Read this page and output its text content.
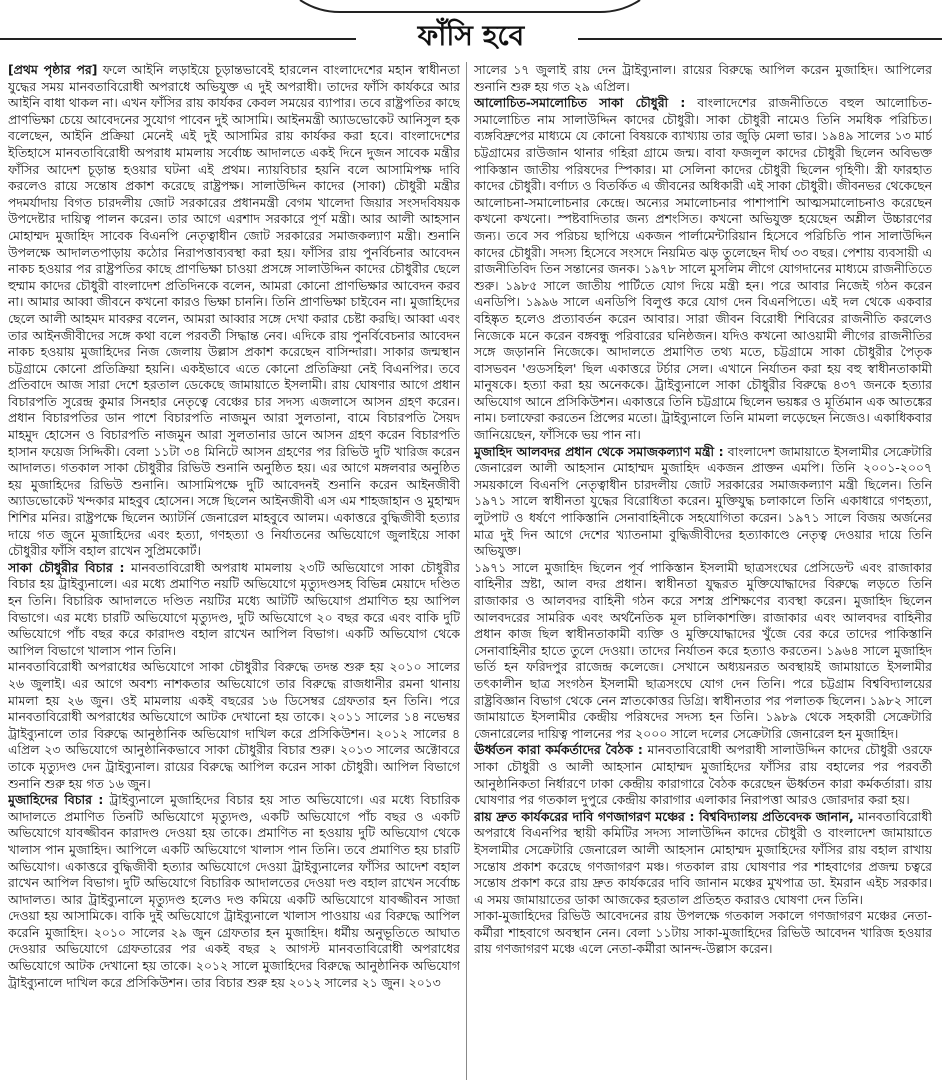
ফাঁসি হবে

[প্রথম পৃষ্ঠার পর] ফলে আইনি লড়াইয়ে চূড়ান্তভাবেই হারলেন বাংলাদেশের মহান স্বাধীনতা যুদ্ধের সময় মানবতাবিরোধী অপরাধে অভিযুক্ত এ দুই অপরাধী। তাদের ফাঁসি কার্যকরে আর আইনি বাধা থাকল না। এখন ফাঁসির রায় কার্যকর কেবল সময়ের ব্যাপার। তবে রাষ্ট্রপতির কাছে প্রাণভিক্ষা চেয়ে আবেদনের সুযোগ পাবেন দুই আসামি। আইনমন্ত্রী অ্যাডভোকেট আনিসুল হক বলেছেন, আইনি প্রক্রিয়া মেনেই এই দুই আসামির রায় কার্যকর করা হবে। বাংলাদেশের ইতিহাসে মানবতাবিরোধী অপরাধ মামলায় সর্বোচ্চ আদালতে একই দিনে দুজন সাবেক মন্ত্রীর ফাঁসির আদেশ চূড়ান্ত হওয়ার ঘটনা এই প্রথম। ন্যায়বিচার হয়নি বলে আসামিপক্ষ দাবি করলেও রায়ে সন্তোষ প্রকাশ করেছে রাষ্ট্রপক্ষ। সালাউদ্দিন কাদের (সাকা) চৌধুরী মন্ত্রীর পদমর্যাদায় বিগত চারদলীয় জোট সরকারের প্রধানমন্ত্রী বেগম খালেদা জিয়ার সংসদবিষয়ক উপদেষ্টার দায়িত্ব পালন করেন। তার আগে এরশাদ সরকারে পূর্ণ মন্ত্রী। আর আলী আহসান মোহাম্মদ মুজাহিদ সাবেক বিএনপি নেতৃত্বাধীন জোট সরকারের সমাজকল্যাণ মন্ত্রী। শুনানি উপলক্ষে আদালতপাড়ায় কঠোর নিরাপত্তাব্যবস্থা করা হয়। ফাঁসির রায় পুনর্বিচনার আবেদন নাকচ হওয়ার পর রাষ্ট্রপতির কাছে প্রাণভিক্ষা চাওয়া প্রসঙ্গে সালাউদ্দিন কাদের চৌধুরীর ছেলে হুম্মাম কাদের চৌধুরী বাংলাদেশ প্রতিদিনকে বলেন, আমরা কোনো প্রাণভিক্ষার আবেদন করব না। আমার আব্বা জীবনে কখনো কারও ভিক্ষা চাননি। তিনি প্রাণভিক্ষা চাইবেন না। মুজাহিদের ছেলে আলী আহমদ মাবরুর বলেন, আমরা আব্বার সঙ্গে দেখা করার চেষ্টা করছি। আব্বা এবং তার আইনজীবীদের সঙ্গে কথা বলে পরবর্তী সিদ্ধান্ত নেব। এদিকে রায় পুনর্বিবেচনার আবেদন নাকচ হওয়ায় মুজাহিদের নিজ জেলায় উল্লাস প্রকাশ করেছেন বাসিন্দারা। সাকার জন্মস্থান চট্টগ্রামে কোনো প্রতিক্রিয়া হয়নি। একইভাবে এতে কোনো প্রতিক্রিয়া নেই বিএনপির। তবে প্রতিবাদে আজ সারা দেশে হরতাল ডেকেছে জামায়াতে ইসলামী। রায় ঘোষণার আগে প্রধান বিচারপতি সুরেন্দ্র কুমার সিনহার নেতৃত্বে বেঞ্চের চার সদস্য এজলাসে আসন গ্রহণ করেন। প্রধান বিচারপতির ডান পাশে বিচারপতি নাজমুন আরা সুলতানা, বামে বিচারপতি সৈয়দ মাহমুদ হোসেন ও বিচারপতি নাজমুন আরা সুলতানার ডানে আসন গ্রহণ করেন বিচারপতি হাসান ফয়েজ সিদ্দিকী। বেলা ১১টা ৩৪ মিনিটে আসন গ্রহণের পর রিভিউ দুটি খারিজ করেন আদালত। গতকাল সাকা চৌধুরীর রিভিউ শুনানি অনুষ্ঠিত হয়। এর আগে মঙ্গলবার অনুষ্ঠিত হয় মুজাহিদের রিভিউ শুনানি। আসামিপক্ষে দুটি আবেদনই শুনানি করেন আইনজীবী অ্যাডভোকেট খন্দকার মাহবুব হোসেন। সঙ্গে ছিলেন আইনজীবী এস এম শাহজাহান ও মুহাম্মদ শিশির মনির। রাষ্ট্রপক্ষে ছিলেন অ্যাটর্নি জেনারেল মাহবুবে আলম। একাত্তরে বুদ্ধিজীবী হত্যার দায়ে গত জুনে মুজাহিদের এবং হত্যা, গণহত্যা ও নির্যাতনের অভিযোগে জুলাইয়ে সাকা চৌধুরীর ফাঁসি বহাল রাখেন সুপ্রিমকোর্ট।

সাকা চৌধুরীর বিচার : মানবতাবিরোধী অপরাধ মামলায় ২৩টি অভিযোগে সাকা চৌধুরীর বিচার হয় ট্রাইব্যুনালে। এর মধ্যে প্রমাণিত নয়টি অভিযোগে মৃত্যুদণ্ডসহ বিভিন্ন মেয়াদে দণ্ডিত হন তিনি। বিচারিক আদালতে দণ্ডিত নয়টির মধ্যে আটটি অভিযোগ প্রমাণিত হয় আপিল বিভাগে। এর মধ্যে চারটি অভিযোগে মৃত্যুদণ্ড, দুটি অভিযোগে ২০ বছর করে এবং বাকি দুটি অভিযোগে পাঁচ বছর করে কারাদণ্ড বহাল রাখেন আপিল বিভাগ। একটি অভিযোগ থেকে আপিল বিভাগে খালাস পান তিনি।

মানবতাবিরোধী অপরাধের অভিযোগে সাকা চৌধুরীর বিরুদ্ধে তদন্ত শুরু হয় ২০১০ সালের ২৬ জুলাই। এর আগে অবশ্য নাশকতার অভিযোগে তার বিরুদ্ধে রাজধানীর রমনা থানায় মামলা হয় ২৬ জুন। ওই মামলায় একই বছরের ১৬ ডিসেম্বর গ্রেফতার হন তিনি। পরে মানবতাবিরোধী অপরাধের অভিযোগে আটক দেখানো হয় তাকে। ২০১১ সালের ১৪ নভেম্বর ট্রাইব্যুনালে তার বিরুদ্ধে আনুষ্ঠানিক অভিযোগ দাখিল করে প্রসিকিউশন। ২০১২ সালের ৪ এপ্রিল ২৩ অভিযোগে আনুষ্ঠানিকভাবে সাকা চৌধুরীর বিচার শুরু। ২০১৩ সালের অক্টোবরে তাকে মৃত্যুদণ্ড দেন ট্রাইব্যুনাল। রায়ের বিরুদ্ধে আপিল করেন সাকা চৌধুরী। আপিল বিভাগে শুনানি শুরু হয় গত ১৬ জুন।

মুজাহিদের বিচার : ট্রাইব্যুনালে মুজাহিদের বিচার হয় সাত অভিযোগে। এর মধ্যে বিচারিক আদালতে প্রমাণিত তিনটি অভিযোগে মৃত্যুদণ্ড, একটি অভিযোগে পাঁচ বছর ও একটি অভিযোগে যাবজ্জীবন কারাদণ্ড দেওয়া হয় তাকে। প্রমাণিত না হওয়ায় দুটি অভিযোগ থেকে খালাস পান মুজাহিদ। আপিলে একটি অভিযোগে খালাস পান তিনি। তবে প্রমাণিত হয় চারটি অভিযোগ। একাত্তরে বুদ্ধিজীবী হত্যার অভিযোগে দেওয়া ট্রাইব্যুনালের ফাঁসির আদেশ বহাল রাখেন আপিল বিভাগ। দুটি অভিযোগে বিচারিক আদালতের দেওয়া দণ্ড বহাল রাখেন সর্বোচ্চ আদালত। আর ট্রাইব্যুনালে মৃত্যুদণ্ড হলেও দণ্ড কমিয়ে একটি অভিযোগে যাবজ্জীবন সাজা দেওয়া হয় আসামিকে। বাকি দুই অভিযোগে ট্রাইব্যুনালে খালাস পাওয়ায় এর বিরুদ্ধে আপিল করেনি মুজাহিদ। ২০১০ সালের ২৯ জুন গ্রেফতার হন মুজাহিদ। ধর্মীয় অনুভূতিতে আঘাত দেওয়ার অভিযোগে গ্রেফতারের পর একই বছর ২ আগস্ট মানবতাবিরোধী অপরাধের অভিযোগে আটক দেখানো হয় তাকে। ২০১২ সালে মুজাহিদের বিরুদ্ধে আনুষ্ঠানিক অভিযোগ ট্রাইব্যুনালে দাখিল করে প্রসিকিউশন। তার বিচার শুরু হয় ২০১২ সালের ২১ জুন। ২০১৩

সালের ১৭ জুলাই রায় দেন ট্রাইব্যুনাল। রায়ের বিরুদ্ধে আপিল করেন মুজাহিদ। আপিলের শুনানি শুরু হয় গত ২৯ এপ্রিল।

আলোচিত-সমালোচিত সাকা চৌধুরী : বাংলাদেশের রাজনীতিতে বহুল আলোচিত-সমালোচিত নাম সালাউদ্দিন কাদের চৌধুরী। সাকা চৌধুরী নামেও তিনি সমধিক পরিচিত। ব্যঙ্গবিদ্রুপের মাধ্যমে যে কোনো বিষয়কে ব্যাখ্যায় তার জুড়ি মেলা ভার। ১৯৪৯ সালের ১৩ মার্চ চট্টগ্রামের রাউজান থানার গহিরা গ্রামে জন্ম। বাবা ফজলুল কাদের চৌধুরী ছিলেন অবিভক্ত পাকিস্তান জাতীয় পরিষদের স্পিকার। মা সেলিনা কাদের চৌধুরী ছিলেন গৃহিণী। স্ত্রী ফারহাত কাদের চৌধুরী। বর্ণাঢ্য ও বিতর্কিত এ জীবনের অধিকারী এই সাকা চৌধুরী। জীবনভর থেকেছেন আলোচনা-সমালোচনার কেন্দ্রে। অন্যের সমালোচনার পাশাপাশি আত্মসমালোচনাও করেছেন কখনো কখনো। স্পষ্টবাদিতার জন্য প্রশংসিত। কখনো অভিযুক্ত হয়েছেন অশ্লীল উচ্চারণের জন্য। তবে সব পরিচয় ছাপিয়ে একজন পার্লামেন্টারিয়ান হিসেবে পরিচিতি পান সালাউদ্দিন কাদের চৌধুরী। সদস্য হিসেবে সংসদে নিয়মিত ঝড় তুলেছেন দীর্ঘ ৩৩ বছর। পেশায় ব্যবসায়ী এ রাজনীতিবিদ তিন সন্তানের জনক। ১৯৭৮ সালে মুসলিম লীগে যোগদানের মাধ্যমে রাজনীতিতে শুরু। ১৯৮৫ সালে জাতীয় পার্টিতে যোগ দিয়ে মন্ত্রী হন। পরে আবার নিজেই গঠন করেন এনডিপি। ১৯৯৬ সালে এনডিপি বিলুপ্ত করে যোগ দেন বিএনপিতে। এই দল থেকে একবার বহিষ্কৃত হলেও প্রত্যাবর্তন করেন আবার। সারা জীবন বিরোধী শিবিরের রাজনীতি করলেও নিজেকে মনে করেন বঙ্গবন্ধু পরিবারের ঘনিষ্ঠজন। যদিও কখনো আওয়ামী লীগের রাজনীতির সঙ্গে জড়াননি নিজেকে। আদালতে প্রমাণিত তথ্য মতে, চট্টগ্রামে সাকা চৌধুরীর পৈতৃক বাসভবন 'গুডসহিল' ছিল একাত্তরে টর্চার সেল। এখানে নির্যাতন করা হয় বহু স্বাধীনতাকামী মানুষকে। হত্যা করা হয় অনেককে। ট্রাইব্যুনালে সাকা চৌধুরীর বিরুদ্ধে ৪৩৭ জনকে হত্যার অভিযোগ আনে প্রসিকিউশন। একাত্তরে তিনি চট্টগ্রামে ছিলেন ভয়ঙ্কর ও মূর্তিমান এক আতঙ্কের নাম। চলাফেরা করতেন প্রিন্সের মতো। ট্রাইব্যুনালে তিনি মামলা লড়েছেন নিজেও। একাধিকবার জানিয়েছেন, ফাঁসিকে ভয় পান না।

মুজাহিদ আলবদর প্রধান থেকে সমাজকল্যাণ মন্ত্রী : বাংলাদেশ জামায়াতে ইসলামীর সেক্রেটারি জেনারেল আলী আহসান মোহাম্মদ মুজাহিদ একজন প্রাক্তন এমপি। তিনি ২০০১-২০০৭ সময়কালে বিএনপি নেতৃত্বাধীন চারদলীয় জোট সরকারের সমাজকল্যাণ মন্ত্রী ছিলেন। তিনি ১৯৭১ সালে স্বাধীনতা যুদ্ধের বিরোধিতা করেন। মুক্তিযুদ্ধ চলাকালে তিনি একাধারে গণহত্যা, লুটপাট ও ধর্ষণে পাকিস্তানি সেনাবাহিনীকে সহযোগিতা করেন। ১৯৭১ সালে বিজয় অর্জনের মাত্র দুই দিন আগে দেশের খ্যাতনামা বুদ্ধিজীবীদের হত্যাকাণ্ডে নেতৃত্ব দেওয়ার দায়ে তিনি অভিযুক্ত।

১৯৭১ সালে মুজাহিদ ছিলেন পূর্ব পাকিস্তান ইসলামী ছাত্রসংঘের প্রেসিডেন্ট এবং রাজাকার বাহিনীর স্রষ্টা, আল বদর প্রধান। স্বাধীনতা যুদ্ধরত মুক্তিযোদ্ধাদের বিরুদ্ধে লড়তে তিনি রাজাকার ও আলবদর বাহিনী গঠন করে সশস্ত্র প্রশিক্ষণের ব্যবস্থা করেন। মুজাহিদ ছিলেন আলবদরের সামরিক এবং অর্থনৈতিক মূল চালিকাশক্তি। রাজাকার এবং আলবদর বাহিনীর প্রধান কাজ ছিল স্বাধীনতাকামী ব্যক্তি ও মুক্তিযোদ্ধাদের খুঁজে বের করে তাদের পাকিস্তানি সেনাবাহিনীর হাতে তুলে দেওয়া। তাদের নির্যাতন করে হত্যাও করতেন। ১৯৬৪ সালে মুজাহিদ ভর্তি হন ফরিদপুর রাজেন্দ্র কলেজে। সেখানে অধ্যয়নরত অবস্থায়ই জামায়াতে ইসলামীর তৎকালীন ছাত্র সংগঠন ইসলামী ছাত্রসংঘে যোগ দেন তিনি। পরে চট্টগ্রাম বিশ্ববিদ্যালয়ের রাষ্ট্রবিজ্ঞান বিভাগ থেকে নেন স্নাতকোত্তর ডিগ্রি। স্বাধীনতার পর পলাতক ছিলেন। ১৯৮২ সালে জামায়াতে ইসলামীর কেন্দ্রীয় পরিষদের সদস্য হন তিনি। ১৯৮৯ থেকে সহকারী সেক্রেটারি জেনারেলের দায়িত্ব পালনের পর ২০০০ সালে দলের সেক্রেটারি জেনারেল হন মুজাহিদ।

ঊর্ধ্বতন কারা কর্মকর্তাদের বৈঠক : মানবতাবিরোধী অপরাধী সালাউদ্দিন কাদের চৌধুরী ওরফে সাকা চৌধুরী ও আলী আহসান মোহাম্মদ মুজাহিদের ফাঁসির রায় বহালের পর পরবর্তী আনুষ্ঠানিকতা নির্ধারণে ঢাকা কেন্দ্রীয় কারাগারে বৈঠক করেছেন ঊর্ধ্বতন কারা কর্মকর্তারা। রায় ঘোষণার পর গতকাল দুপুরে কেন্দ্রীয় কারাগার এলাকার নিরাপত্তা আরও জোরদার করা হয়।

রায় দ্রুত কার্যকরের দাবি গণজাগরণ মঞ্চের : বিশ্ববিদ্যালয় প্রতিবেদক জানান, মানবতাবিরোধী অপরাধে বিএনপির স্থায়ী কমিটির সদস্য সালাউদ্দিন কাদের চৌধুরী ও বাংলাদেশ জামায়াতে ইসলামীর সেক্রেটারি জেনারেল আলী আহসান মোহাম্মদ মুজাহিদের ফাঁসির রায় বহাল রাখায় সন্তোষ প্রকাশ করেছে গণজাগরণ মঞ্চ। গতকাল রায় ঘোষণার পর শাহবাগের প্রজন্ম চত্বরে সন্তোষ প্রকাশ করে রায় দ্রুত কার্যকরের দাবি জানান মঞ্চের মুখপাত্র ডা. ইমরান এইচ সরকার। এ সময় জামায়াতের ডাকা আজকের হরতাল প্রতিহত করারও ঘোষণা দেন তিনি।

সাকা-মুজাহিদের রিভিউ আবেদনের রায় উপলক্ষে গতকাল সকালে গণজাগরণ মঞ্চের নেতা-কর্মীরা শাহবাগে অবস্থান নেন। বেলা ১১টায় সাকা-মুজাহিদের রিভিউ আবেদন খারিজ হওয়ার রায় গণজাগরণ মঞ্চে এলে নেতা-কর্মীরা আনন্দ-উল্লাস করেন।
